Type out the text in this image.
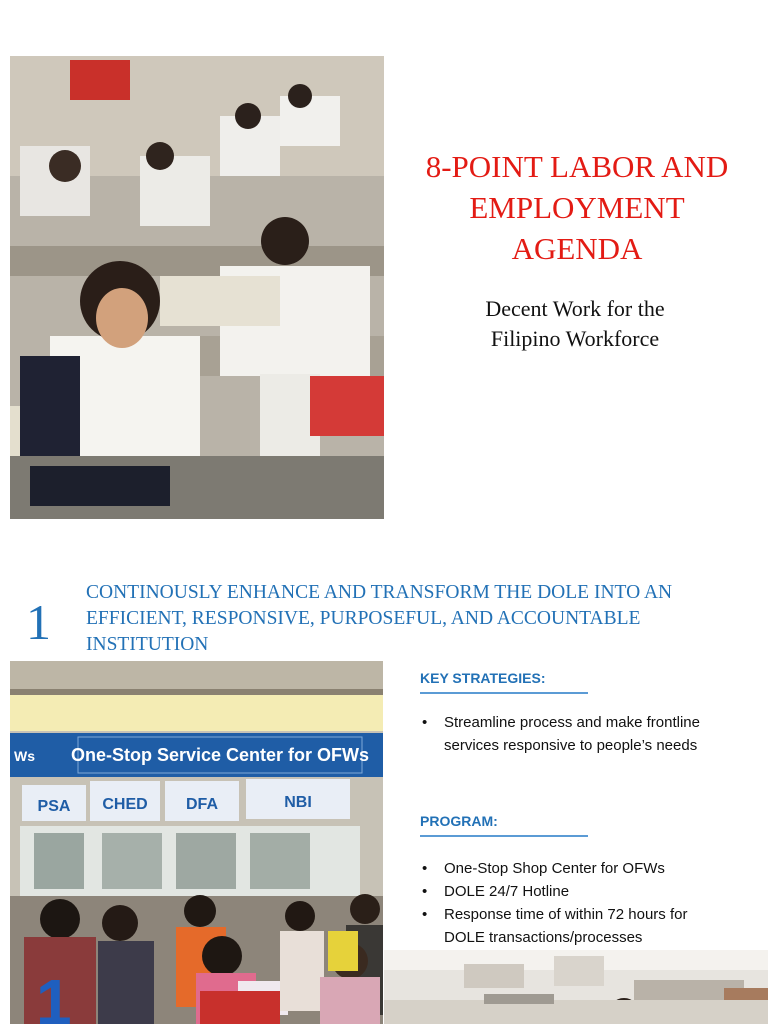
8-POINT LABOR AND
EMPLOYMENT
AGENDA
Decent Work for the
Filipino Workforce
1
CONTINOUSLY ENHANCE AND TRANSFORM THE DOLE INTO AN
EFFICIENT, RESPONSIVE, PURPOSEFUL, AND ACCOUNTABLE
INSTITUTION
Ws One-Stop Service Center for OFWs
PSA CHED DFA	NBI
1
KEY STRATEGIES:
• Streamline process and make frontline services responsive to people’s needs
PROGRAM:
• One-Stop Shop Center for OFWs
• DOLE 24/7 Hotline
• Response time of within 72 hours for DOLE transactions/processes
